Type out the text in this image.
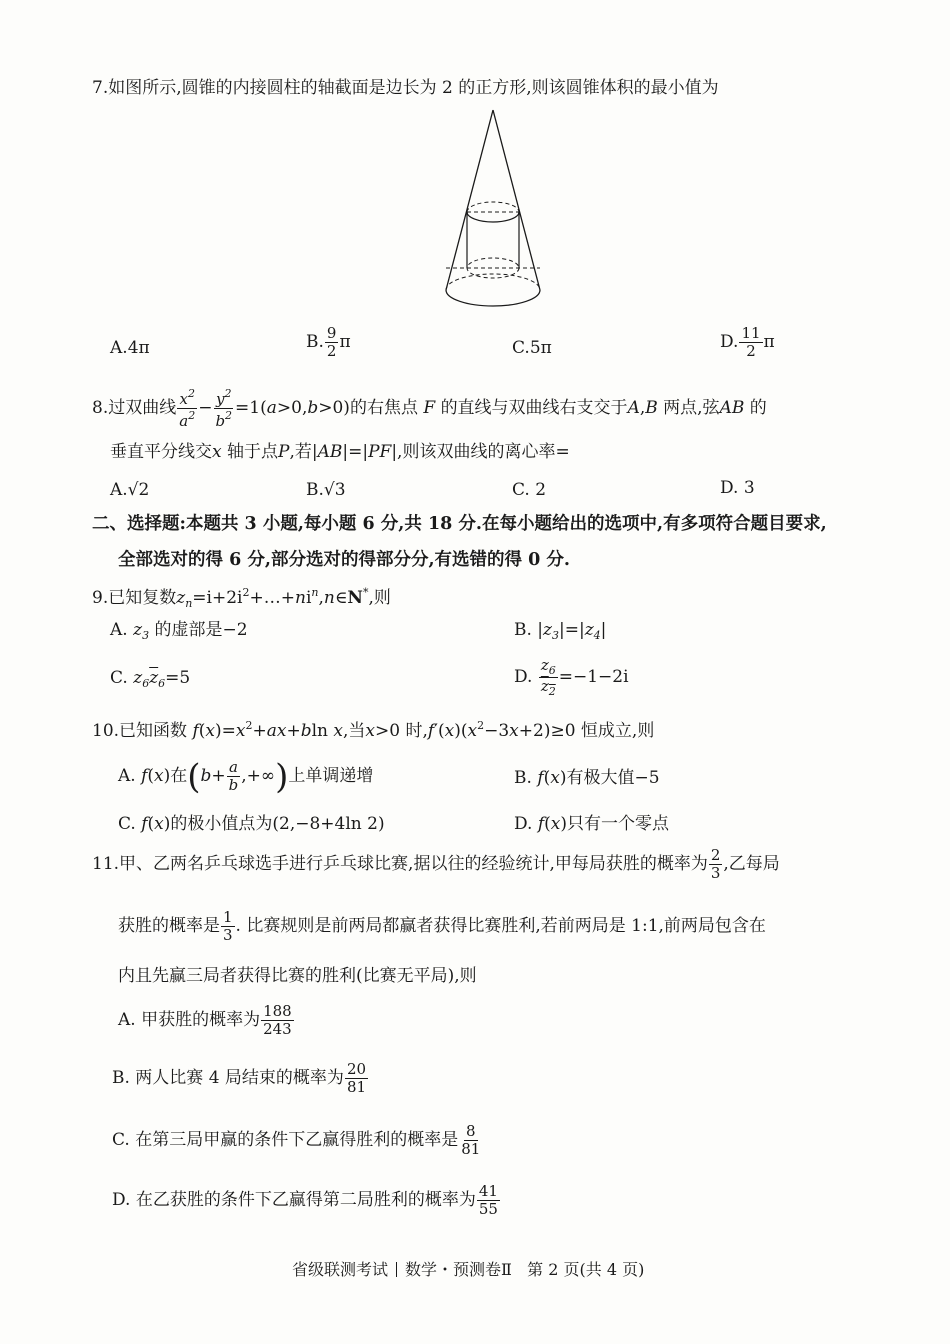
7.如图所示,圆锥的内接圆柱的轴截面是边长为 2 的正方形,则该圆锥体积的最小值为
A.4π	B. $\frac{9}{2}$ π	C.5π	D. $\frac{11}{2}$ π
8.过双曲线 $\frac{x^2}{a^2} - \frac{y^2}{b^2} =1(a>0,b>0)$的右焦点 F 的直线与双曲线右支交于A,B 两点,弦AB 的
垂直平分线交x 轴于点P,若|AB|=|PF|,则该双曲线的离心率=
A.√2	B.√3	C. 2	D. 3
二、选择题:本题共 3 小题,每小题 6 分,共 18 分.在每小题给出的选项中,有多项符合题目要求,
全部选对的得 6 分,部分选对的得部分分,有选错的得 0 分.
9.已知复数$z_n=i+2i^2+\dots+ni^n,n\in N^*$,则
A. $z_3$ 的虚部是−2	B. $|z_3|=|z_4|$
C. $z_6\overline{z}_6=5$	D. $\frac{z_6}{z_2} =-1-2i$
10.已知函数 $f(x)=x^2+ax+bln$ x,当x>0 时$,f'(x)(x^2-3x+2)\ge 0$ 恒成立,则
A. f(x)在($b+ \frac{a}{b}$ ,+∞)上单调递增	B. f(x)有极大值−5
C. f(x)的极小值点为(2,−8+4ln 2)	D. f(x)只有一个零点
11.甲、乙两名乒乓球选手进行乒乓球比赛,据以往的经验统计,甲每局获胜的概率为 $\frac{2}{3}$ ,乙每局
获胜的概率是 $\frac{1}{3}$ . 比赛规则是前两局都赢者获得比赛胜利,若前两局是 1:1,前两局包含在
内且先赢三局者获得比赛的胜利(比赛无平局),则
A. 甲获胜的概率为 $\frac{188}{243}$
B. 两人比赛 4 局结束的概率为 $\frac{20}{81}$
C. 在第三局甲赢的条件下乙赢得胜利的概率是 $\frac{8}{81}$
D. 在乙获胜的条件下乙赢得第二局胜利的概率为 $\frac{41}{55}$
省级联测考试 数学・预测卷Ⅱ 第 2 页(共 4 页)
